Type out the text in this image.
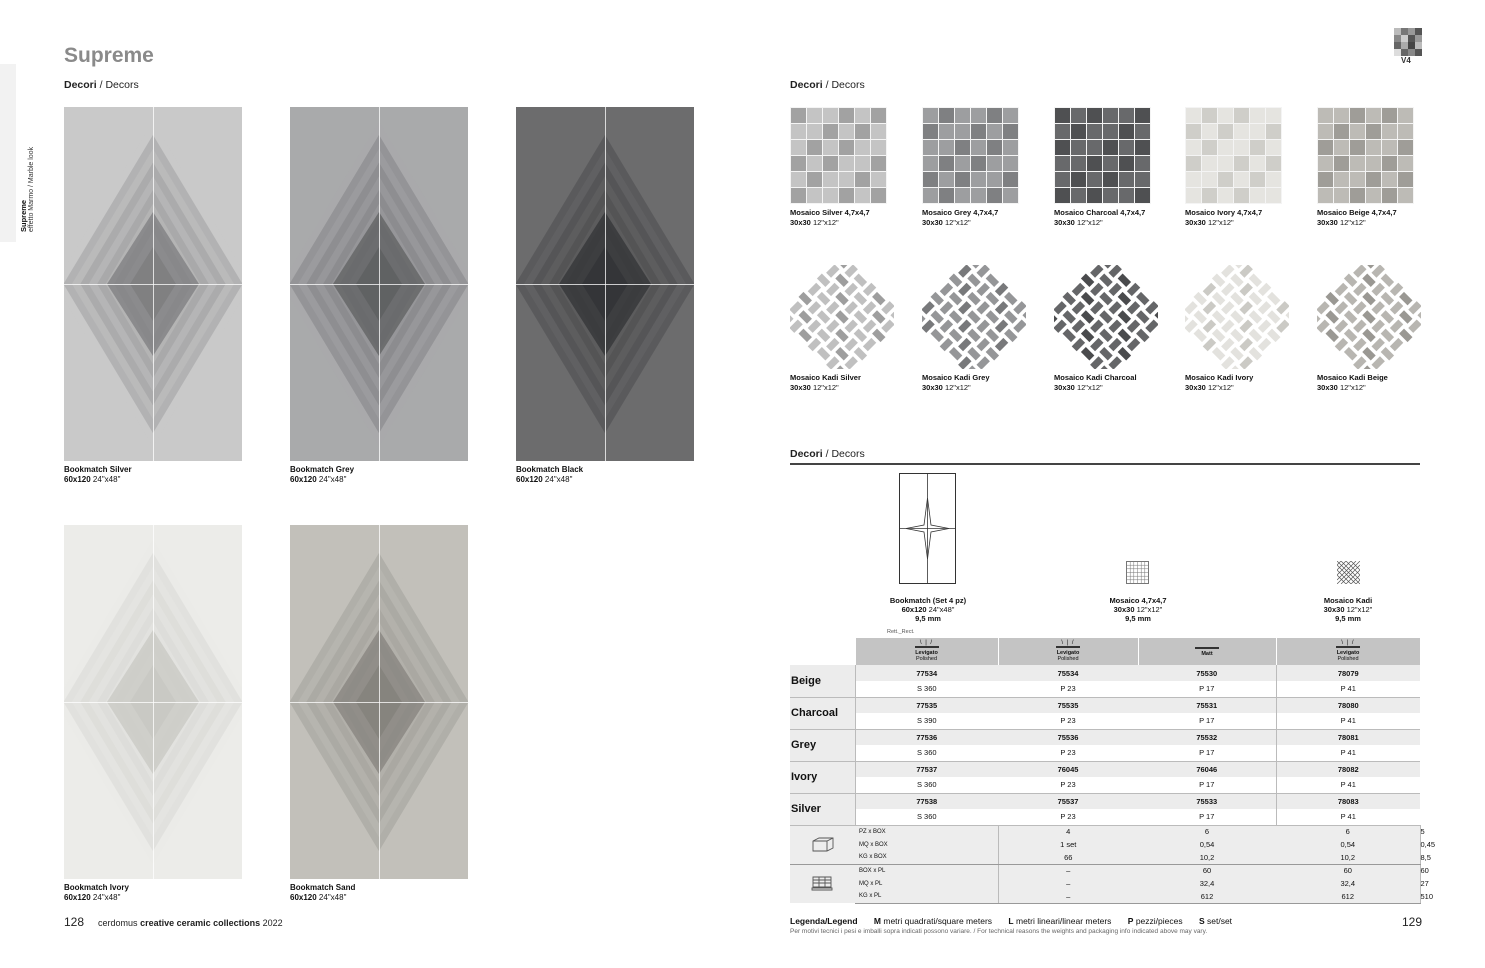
Supreme effetto Marmo / Marble look
Supreme
Decori / Decors
Bookmatch Silver
60x120 24"x48"
Bookmatch Grey
60x120 24"x48"
Bookmatch Black
60x120 24"x48"
Bookmatch Ivory
60x120 24"x48"
Bookmatch Sand
60x120 24"x48"
128 cerdomus creative ceramic collections 2022
V4
Decori / Decors
Mosaico Silver 4,7x4,7
30x30 12"x12"
Mosaico Grey 4,7x4,7
30x30 12"x12"
Mosaico Charcoal 4,7x4,7
30x30 12"x12"
Mosaico Ivory 4,7x4,7
30x30 12"x12"
Mosaico Beige 4,7x4,7
30x30 12"x12"
Mosaico Kadi Silver
30x30 12"x12"
Mosaico Kadi Grey
30x30 12"x12"
Mosaico Kadi Charcoal
30x30 12"x12"
Mosaico Kadi Ivory
30x30 12"x12"
Mosaico Kadi Beige
30x30 12"x12"
Decori / Decors
Bookmatch (Set 4 pz)
60x120 24"x48"
9,5 mm
Rett._Rect.
Mosaico 4,7x4,7
30x30 12"x12"
9,5 mm
Mosaico Kadi
30x30 12"x12"
9,5 mm

	\ | /
Levigato
Polished	\ | /
Levigato
Polished	Matt	\ | /
Levigato
Polished	

Beige	77534	75534	75530	78079	
	S 360	P 23	P 17	P 41	
Charcoal	77535	75535	75531	78080	
	S 390	P 23	P 17	P 41	
Grey	77536	75536	75532	78081	
	S 360	P 23	P 17	P 41	
Ivory	77537	76045	76046	78082	
	S 360	P 23	P 17	P 41	
Silver	77538	75537	75533	78083	
	S 360	P 23	P 17	P 41	
	PZ x BOX	4	6	6	5
	MQ x BOX	1 set	0,54	0,54	0,45
	KG x BOX	66	10,2	10,2	8,5
	BOX x PL	–	60	60	60
	MQ x PL	–	32,4	32,4	27
	KG x PL	–	612	612	510
Legenda/Legend M metri quadrati/square meters L metri lineari/linear meters P pezzi/pieces S set/set
Per motivi tecnici i pesi e imballi sopra indicati possono variare. / For technical reasons the weights and packaging info indicated above may vary.
129
